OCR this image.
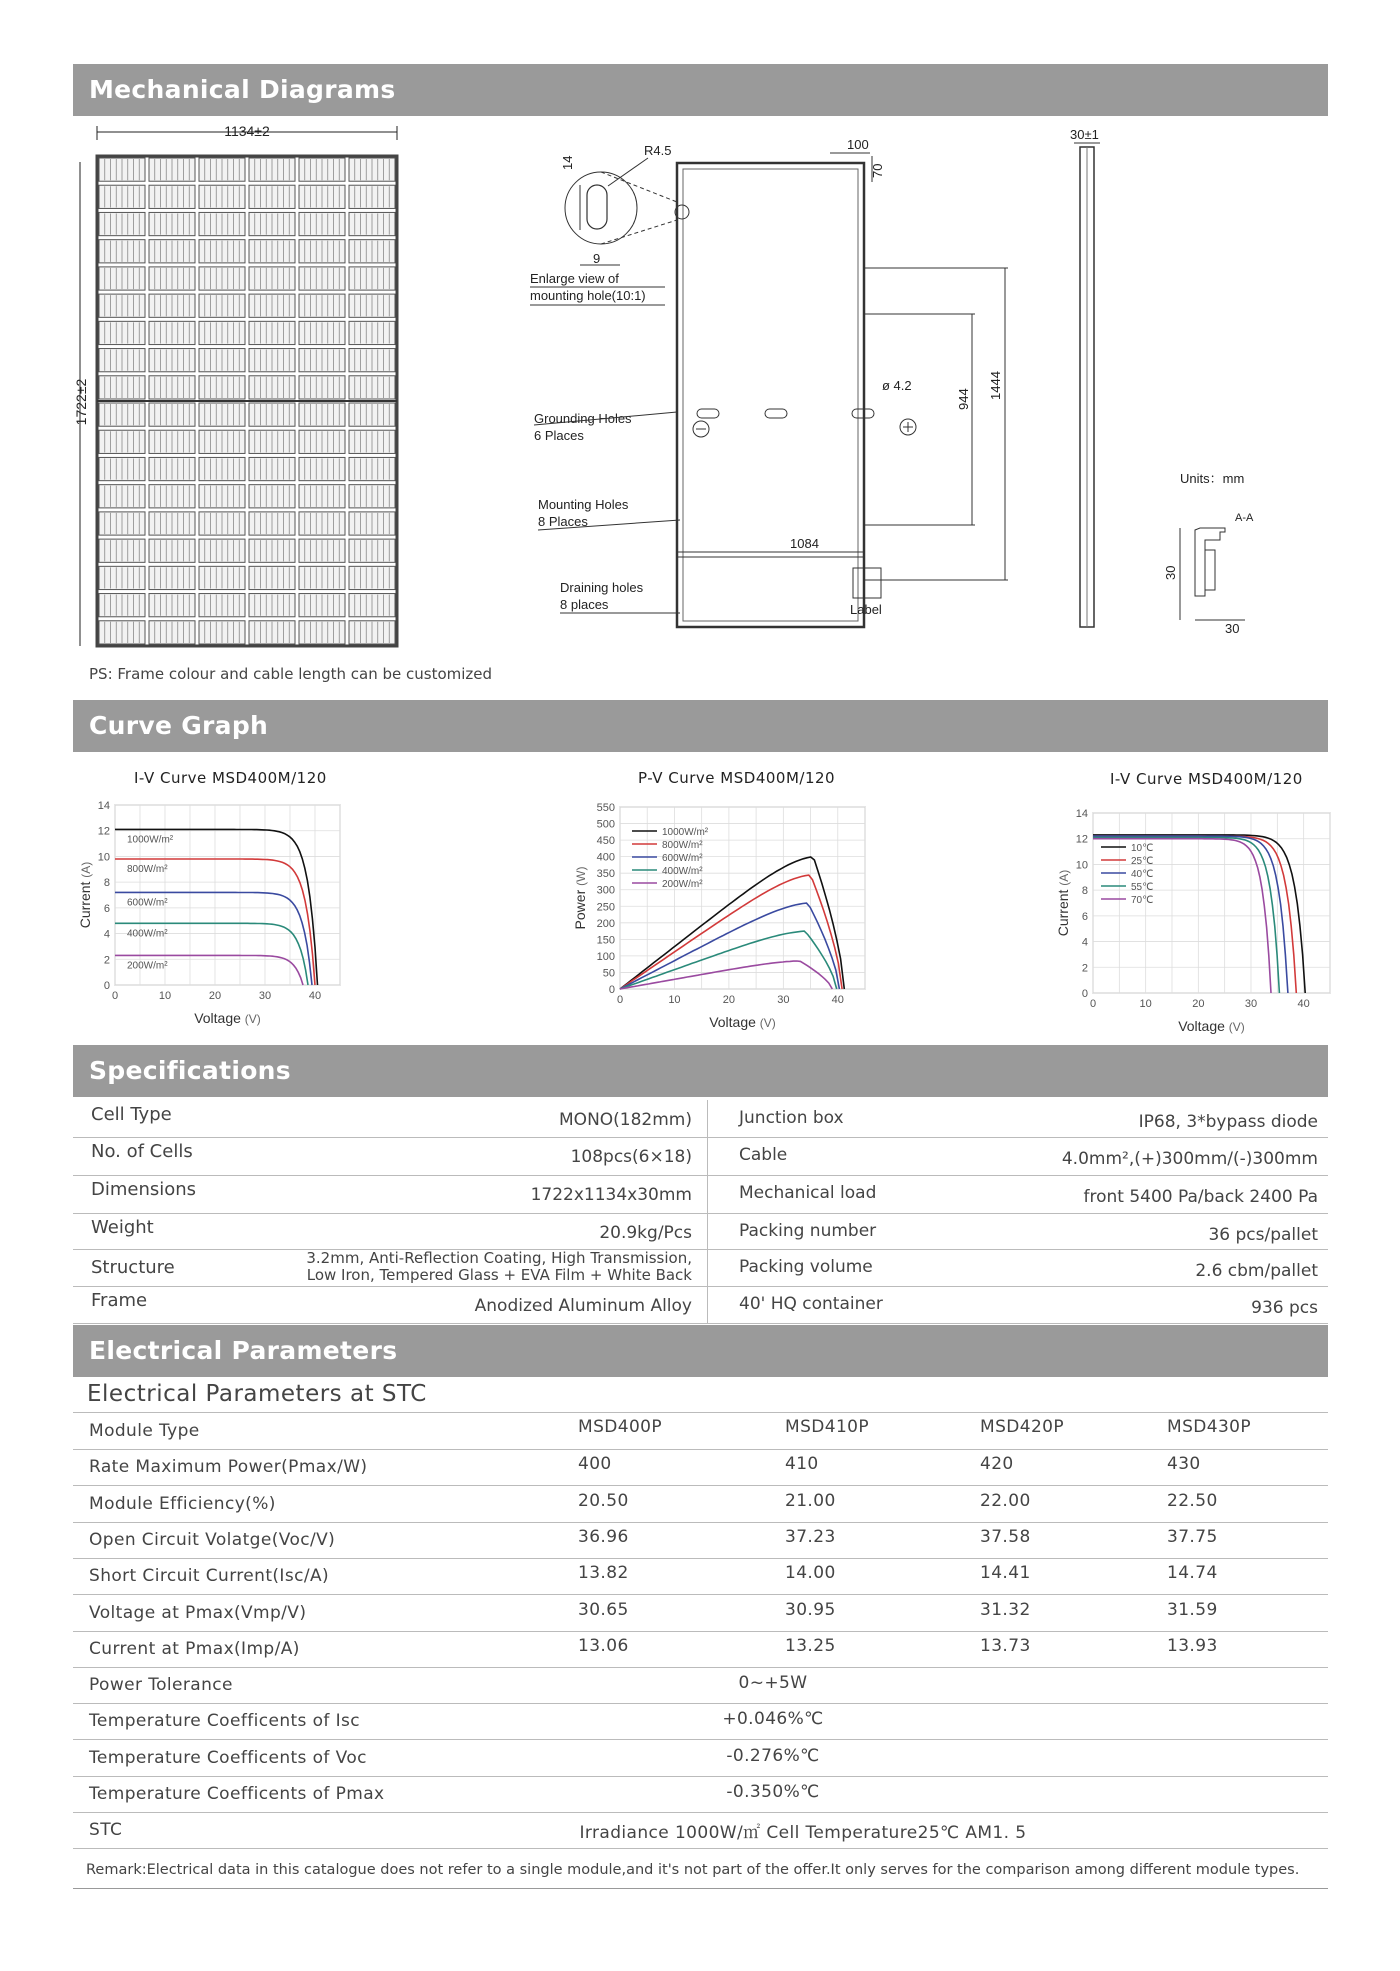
Mechanical Diagrams
1134±2
1722±2
R4.5
14
9
Enlarge view of
mounting hole(10:1)
100
70
1444
944
ø 4.2
Grounding Holes
6 Places
Mounting Holes
8 Places
1084
Draining holes
8 places	Label
30±1
Units：mm
A-A
30
30
PS: Frame colour and cable length can be customized
Curve Graph
I-V Curve MSD400M/120	P-V Curve MSD400M/120	I-V Curve MSD400M/120
0
2
4
6
8
10
12
14
0	10	20	30	40
Voltage (V)
Current (A)
1000W/m²
800W/m²
600W/m²
400W/m²
200W/m²
0
50
100
150
200
250
300
350
400
450
500
550
0	10	20	30	40
Voltage (V)
Power (W)
1000W/m²
800W/m²
600W/m²
400W/m²
200W/m²
0
2
4
6
8
10
12
14
0	10	20	30	40
Voltage (V)
Current (A)
10℃
25℃
40℃
55℃
70℃
Specifications
Cell Type	MONO(182mm)	Junction box	IP68, 3*bypass diode
No. of Cells	108pcs(6×18)	Cable	4.0mm²,(+)300mm/(-)300mm
Dimensions	1722x1134x30mm	Mechanical load	front 5400 Pa/back 2400 Pa
Weight	20.9kg/Pcs	Packing number	36 pcs/pallet
Structure	3.2mm, Anti-Reflection Coating, High Transmission,
Low Iron, Tempered Glass + EVA Film + White Back	Packing volume	2.6 cbm/pallet
Frame	Anodized Aluminum Alloy	40' HQ container	936 pcs
Electrical Parameters
Electrical Parameters at STC
Module Type	MSD400P	MSD410P	MSD420P	MSD430P
Rate Maximum Power(Pmax/W)	400	410	420	430
Module Efficiency(%)	20.50	21.00	22.00	22.50
Open Circuit Volatge(Voc/V)	36.96	37.23	37.58	37.75
Short Circuit Current(Isc/A)	13.82	14.00	14.41	14.74
Voltage at Pmax(Vmp/V)	30.65	30.95	31.32	31.59
Current at Pmax(Imp/A)	13.06	13.25	13.73	13.93
Power Tolerance	0~+5W
Temperature Coefficents of Isc	+0.046%℃
Temperature Coefficents of Voc	-0.276%℃
Temperature Coefficents of Pmax	-0.350%℃
STC	Irradiance 1000W/㎡ Cell Temperature25℃ AM1. 5
Remark:Electrical data in this catalogue does not refer to a single module,and it's not part of the offer.It only serves for the comparison among different module types.
